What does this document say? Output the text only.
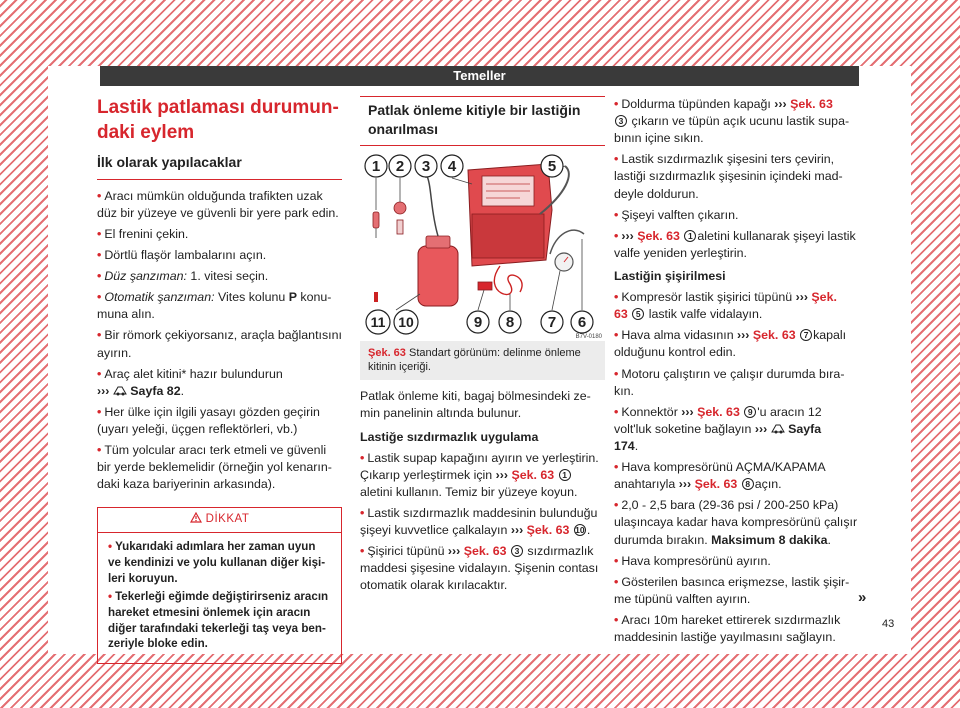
Temeller
Lastik patlaması durumun-
daki eylem
İlk olarak yapılacaklar
• Aracı mümkün olduğunda trafikten uzak düz bir yüzeye ve güvenli bir yere park edin.
• El frenini çekin.
• Dörtlü flaşör lambalarını açın.
• Düz şanzıman: 1. vitesi seçin.
• Otomatik şanzıman: Vites kolunu P konumuna alın.
• Bir römork çekiyorsanız, araçla bağlantısını ayırın.
• Araç alet kitini* hazır bulundurun
››› Sayfa 82.
• Her ülke için ilgili yasayı gözden geçirin (uyarı yeleği, üçgen reflektörleri, vb.)
• Tüm yolcular aracı terk etmeli ve güvenli bir yerde beklemelidir (örneğin yol kenarındaki kaza bariyerinin arkasında).
DİKKAT
• Yukarıdaki adımlara her zaman uyun ve kendinizi ve yolu kullanan diğer kişileri koruyun.
• Tekerleği eğimde değiştirirseniz aracın hareket etmesini önlemek için aracın diğer tarafındaki tekerleği taş veya benzeriyle bloke edin.
Patlak önleme kitiyle bir lastiğin
onarılması
1 2 3 4	5
11 10	9 8 7 6
B7V-0180
Şek. 63 Standart görünüm: delinme önleme kitinin içeriği.

Patlak önleme kiti, bagaj bölmesindeki zemin panelinin altında bulunur.

Lastiğe sızdırmazlık uygulama
• Lastik supap kapağını ayırın ve yerleştirin. Çıkarıp yerleştirmek için ››› Şek. 63 1
aletini kullanın. Temiz bir yüzeye koyun.
• Lastik sızdırmazlık maddesinin bulunduğu şişeyi kuvvetlice çalkalayın ››› Şek. 63 10 .
• Şişirici tüpünü ››› Şek. 63 3 sızdırmazlık maddesi şişesine vidalayın. Şişenin contası otomatik olarak kırılacaktır.
• Doldurma tüpünden kapağı ››› Şek. 63
3 çıkarın ve tüpün açık ucunu lastik supabının içine sıkın.
• Lastik sızdırmazlık şişesini ters çevirin, lastiği sızdırmazlık şişesinin içindeki maddeyle doldurun.
• Şişeyi valften çıkarın.
• ››› Şek. 63 1 aletini kullanarak şişeyi lastik valfe yeniden yerleştirin.
Lastiğin şişirilmesi
• Kompresör lastik şişirici tüpünü ››› Şek.
63 5 lastik valfe vidalayın.
• Hava alma vidasının ››› Şek. 63 7 kapalı olduğunu kontrol edin.
• Motoru çalıştırın ve çalışır durumda bırakın.
• Konnektör ››› Şek. 63 9 'u aracın 12 volt'luk soketine bağlayın ››› Sayfa
174.
• Hava kompresörünü AÇMA/KAPAMA anahtarıyla ››› Şek. 63 8 açın.
• 2,0 - 2,5 bara (29-36 psi / 200-250 kPa) ulaşıncaya kadar hava kompresörünü çalışır durumda bırakın. Maksimum 8 dakika.
• Hava kompresörünü ayırın.
• Gösterilen basınca erişmezse, lastik şişirme tüpünü valften ayırın.
• Aracı 10m hareket ettirerek sızdırmazlık maddesinin lastiğe yayılmasını sağlayın.
»
43
